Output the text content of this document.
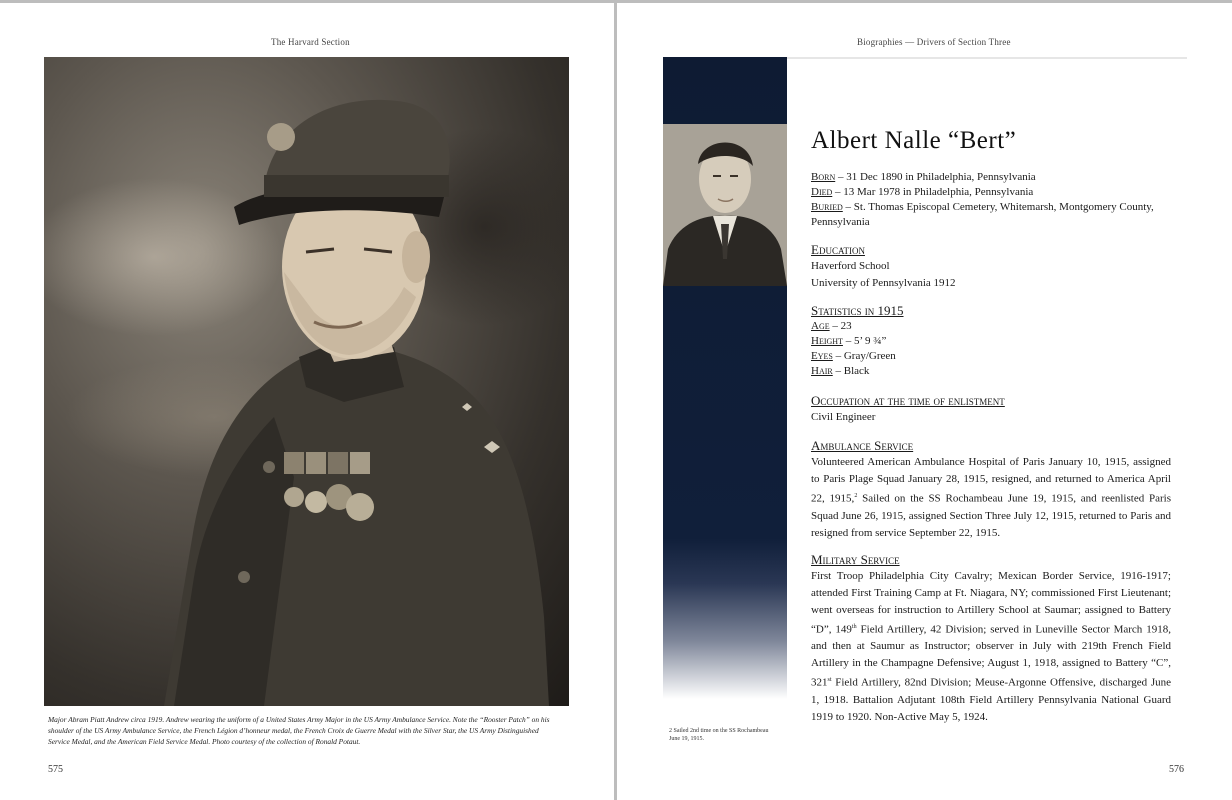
The Harvard Section
Major Abram Piatt Andrew circa 1919. Andrew wearing the uniform of a United States Army Major in the US Army Ambulance Service. Note the “Rooster Patch” on his shoulder of the US Army Ambulance Service, the French Légion d’honneur medal, the French Croix de Guerre Medal with the Silver Star, the US Army Distinguished Service Medal, and the American Field Service Medal. Photo courtesy of the collection of Ronald Potaut.
575
Biographies — Drivers of Section Three
Albert Nalle “Bert”
Born – 31 Dec 1890 in Philadelphia, Pennsylvania
Died – 13 Mar 1978 in Philadelphia, Pennsylvania
Buried – St. Thomas Episcopal Cemetery, Whitemarsh, Montgomery County, Pennsylvania
Education
Haverford School
University of Pennsylvania 1912
Statistics in 1915
Age – 23
Height – 5’ 9 ¾”
Eyes – Gray/Green
Hair – Black
Occupation at the time of enlistment
Civil Engineer
Ambulance Service
Volunteered American Ambulance Hospital of Paris January 10, 1915, assigned to Paris Plage Squad January 28, 1915, resigned, and returned to America April 22, 1915,$^2$ Sailed on the SS Rochambeau June 19, 1915, and reenlisted Paris Squad June 26, 1915, assigned Section Three July 12, 1915, returned to Paris and resigned from service September 22, 1915.
Military Service
First Troop Philadelphia City Cavalry; Mexican Border Service, 1916-1917; attended First Training Camp at Ft. Niagara, NY; commissioned First Lieutenant; went overseas for instruction to Artillery School at Saumar; assigned to Battery “D”, 149th Field Artillery, 42 Division; served in Luneville Sector March 1918, and then at Saumur as Instructor; observer in July with 219th French Field Artillery in the Champagne Defensive; August 1, 1918, assigned to Battery “C”, 321st Field Artillery, 82nd Division; Meuse-Argonne Offensive, discharged June 1, 1918. Battalion Adjutant 108th Field Artillery Pennsylvania National Guard 1919 to 1920. Non-Active May 5, 1924.
2 Sailed 2nd time on the SS Rochambeau June 19, 1915.
576
